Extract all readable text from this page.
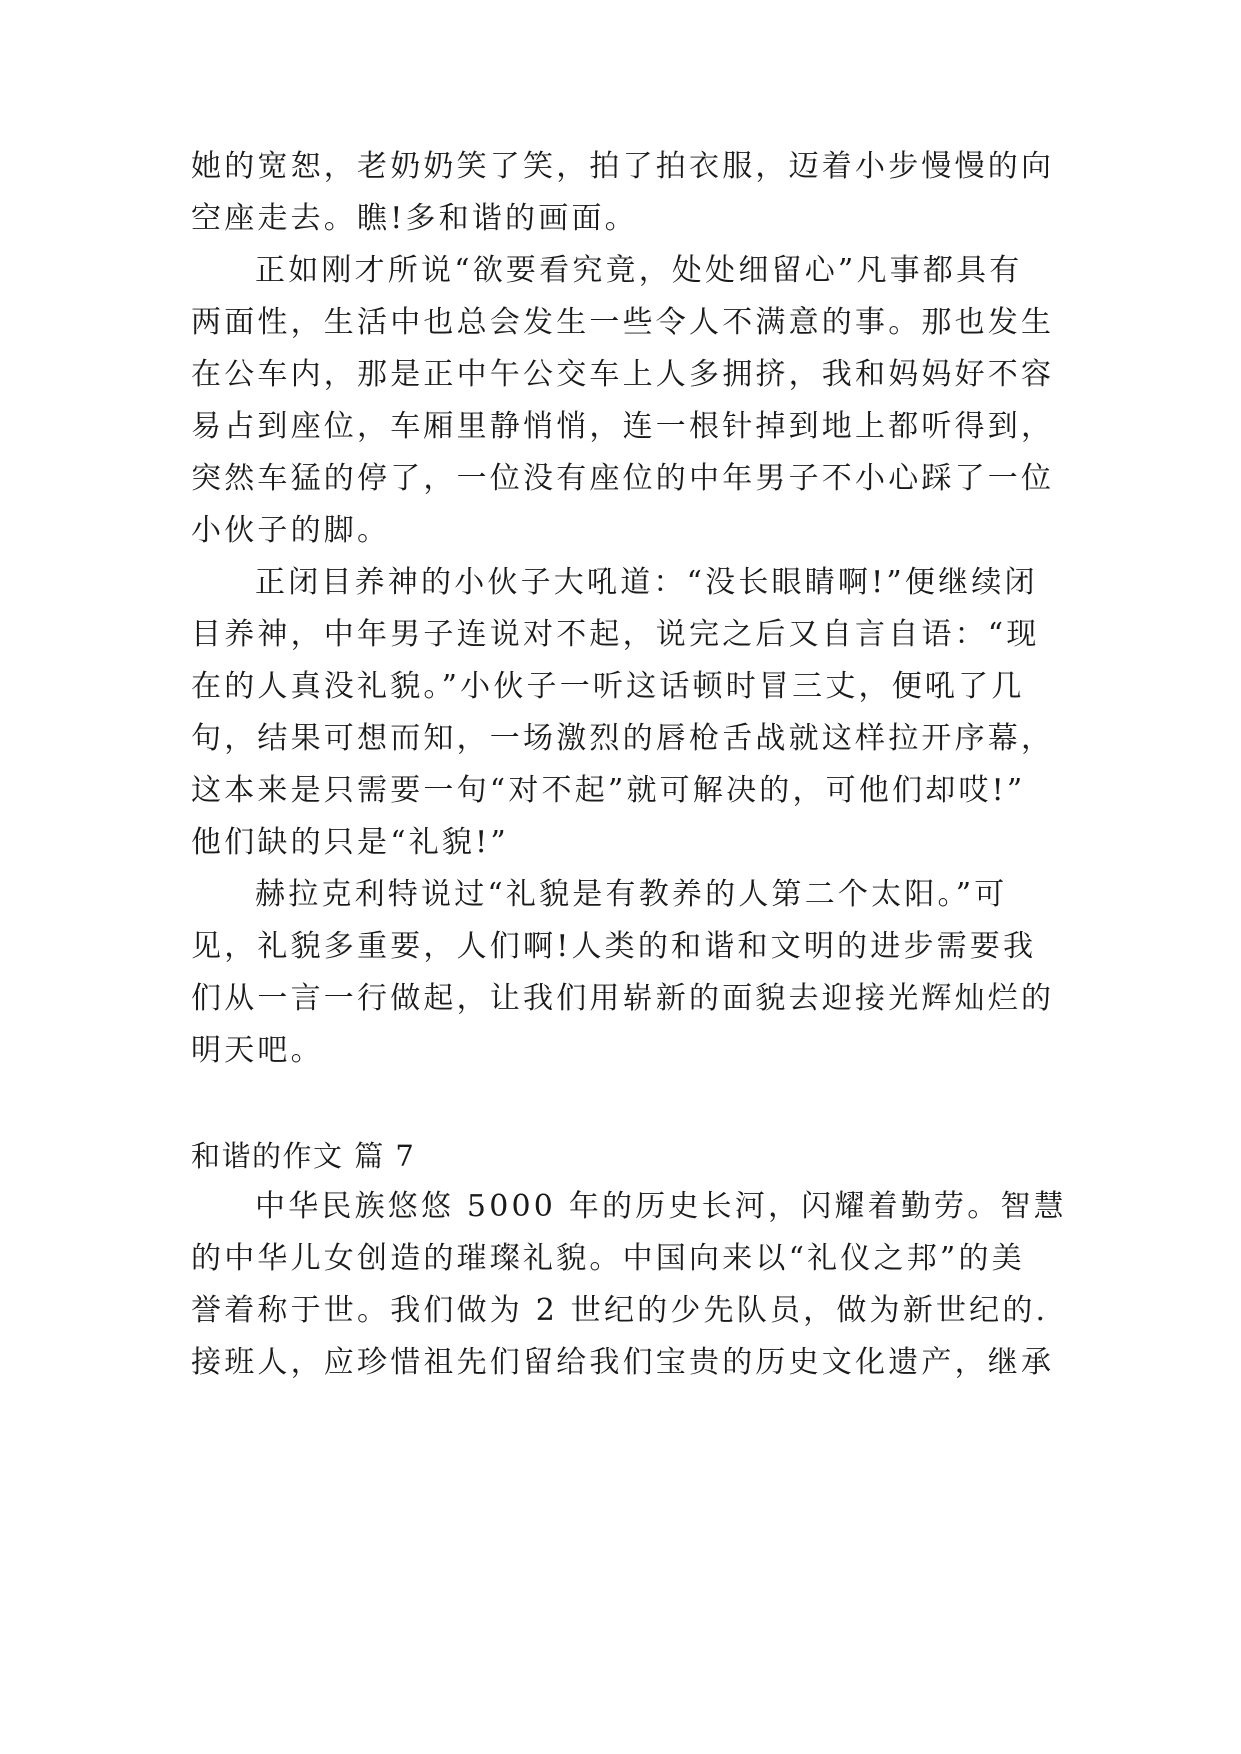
她的宽恕，老奶奶笑了笑，拍了拍衣服，迈着小步慢慢的向
空座走去。瞧!多和谐的画面。
正如刚才所说“欲要看究竟，处处细留心”凡事都具有
两面性，生活中也总会发生一些令人不满意的事。那也发生
在公车内，那是正中午公交车上人多拥挤，我和妈妈好不容
易占到座位，车厢里静悄悄，连一根针掉到地上都听得到，
突然车猛的停了，一位没有座位的中年男子不小心踩了一位
小伙子的脚。
正闭目养神的小伙子大吼道：“没长眼睛啊!”便继续闭
目养神，中年男子连说对不起，说完之后又自言自语：“现
在的人真没礼貌。”小伙子一听这话顿时冒三丈，便吼了几
句，结果可想而知，一场激烈的唇枪舌战就这样拉开序幕，
这本来是只需要一句“对不起”就可解决的，可他们却哎!”
他们缺的只是“礼貌!”
赫拉克利特说过“礼貌是有教养的人第二个太阳。”可
见，礼貌多重要，人们啊!人类的和谐和文明的进步需要我
们从一言一行做起，让我们用崭新的面貌去迎接光辉灿烂的
明天吧。
和谐的作文 篇 7
中华民族悠悠 5000 年的历史长河，闪耀着勤劳。智慧
的中华儿女创造的璀璨礼貌。中国向来以“礼仪之邦”的美
誉着称于世。我们做为 2 世纪的少先队员，做为新世纪的.
接班人，应珍惜祖先们留给我们宝贵的历史文化遗产，继承
